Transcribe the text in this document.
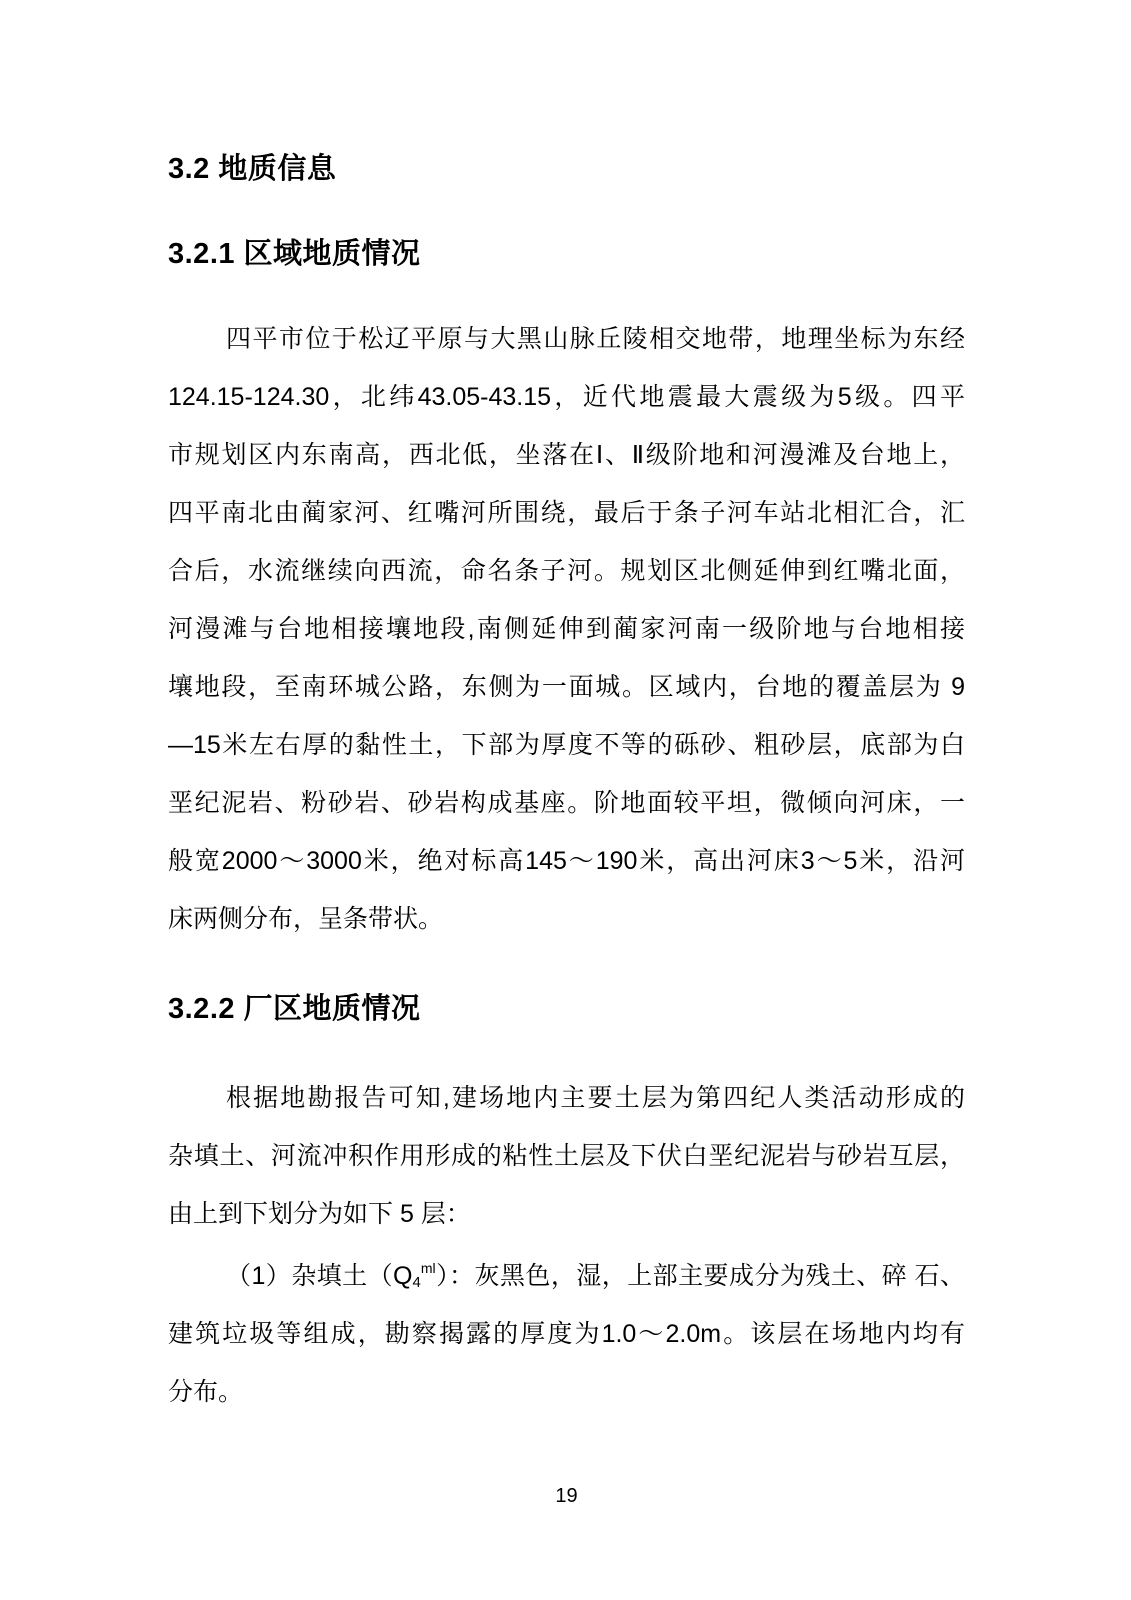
3.2 地质信息
3.2.1 区域地质情况
四平市位于松辽平原与大黑山脉丘陵相交地带，地理坐标为东经
124.15-124.30，北纬43.05-43.15，近代地震最大震级为5级。四平
市规划区内东南高，西北低，坐落在Ⅰ、Ⅱ级阶地和河漫滩及台地上，
四平南北由蔺家河、红嘴河所围绕，最后于条子河车站北相汇合，汇
合后，水流继续向西流，命名条子河。规划区北侧延伸到红嘴北面，
河漫滩与台地相接壤地段,南侧延伸到蔺家河南一级阶地与台地相接
壤地段，至南环城公路，东侧为一面城。区域内，台地的覆盖层为 9
—15米左右厚的黏性土，下部为厚度不等的砾砂、粗砂层，底部为白
垩纪泥岩、粉砂岩、砂岩构成基座。阶地面较平坦，微倾向河床，一
般宽2000～3000米，绝对标高145～190米，高出河床3～5米，沿河
床两侧分布，呈条带状。
3.2.2 厂区地质情况
根据地勘报告可知,建场地内主要土层为第四纪人类活动形成的
杂填土、河流冲积作用形成的粘性土层及下伏白垩纪泥岩与砂岩互层，
由上到下划分为如下 5 层：
（1）杂填土$(Q_4^{ml})$：灰黑色，湿，上部主要成分为残土、碎 石、
建筑垃圾等组成，勘察揭露的厚度为1.0～2.0m。该层在场地内均有
分布。
19
